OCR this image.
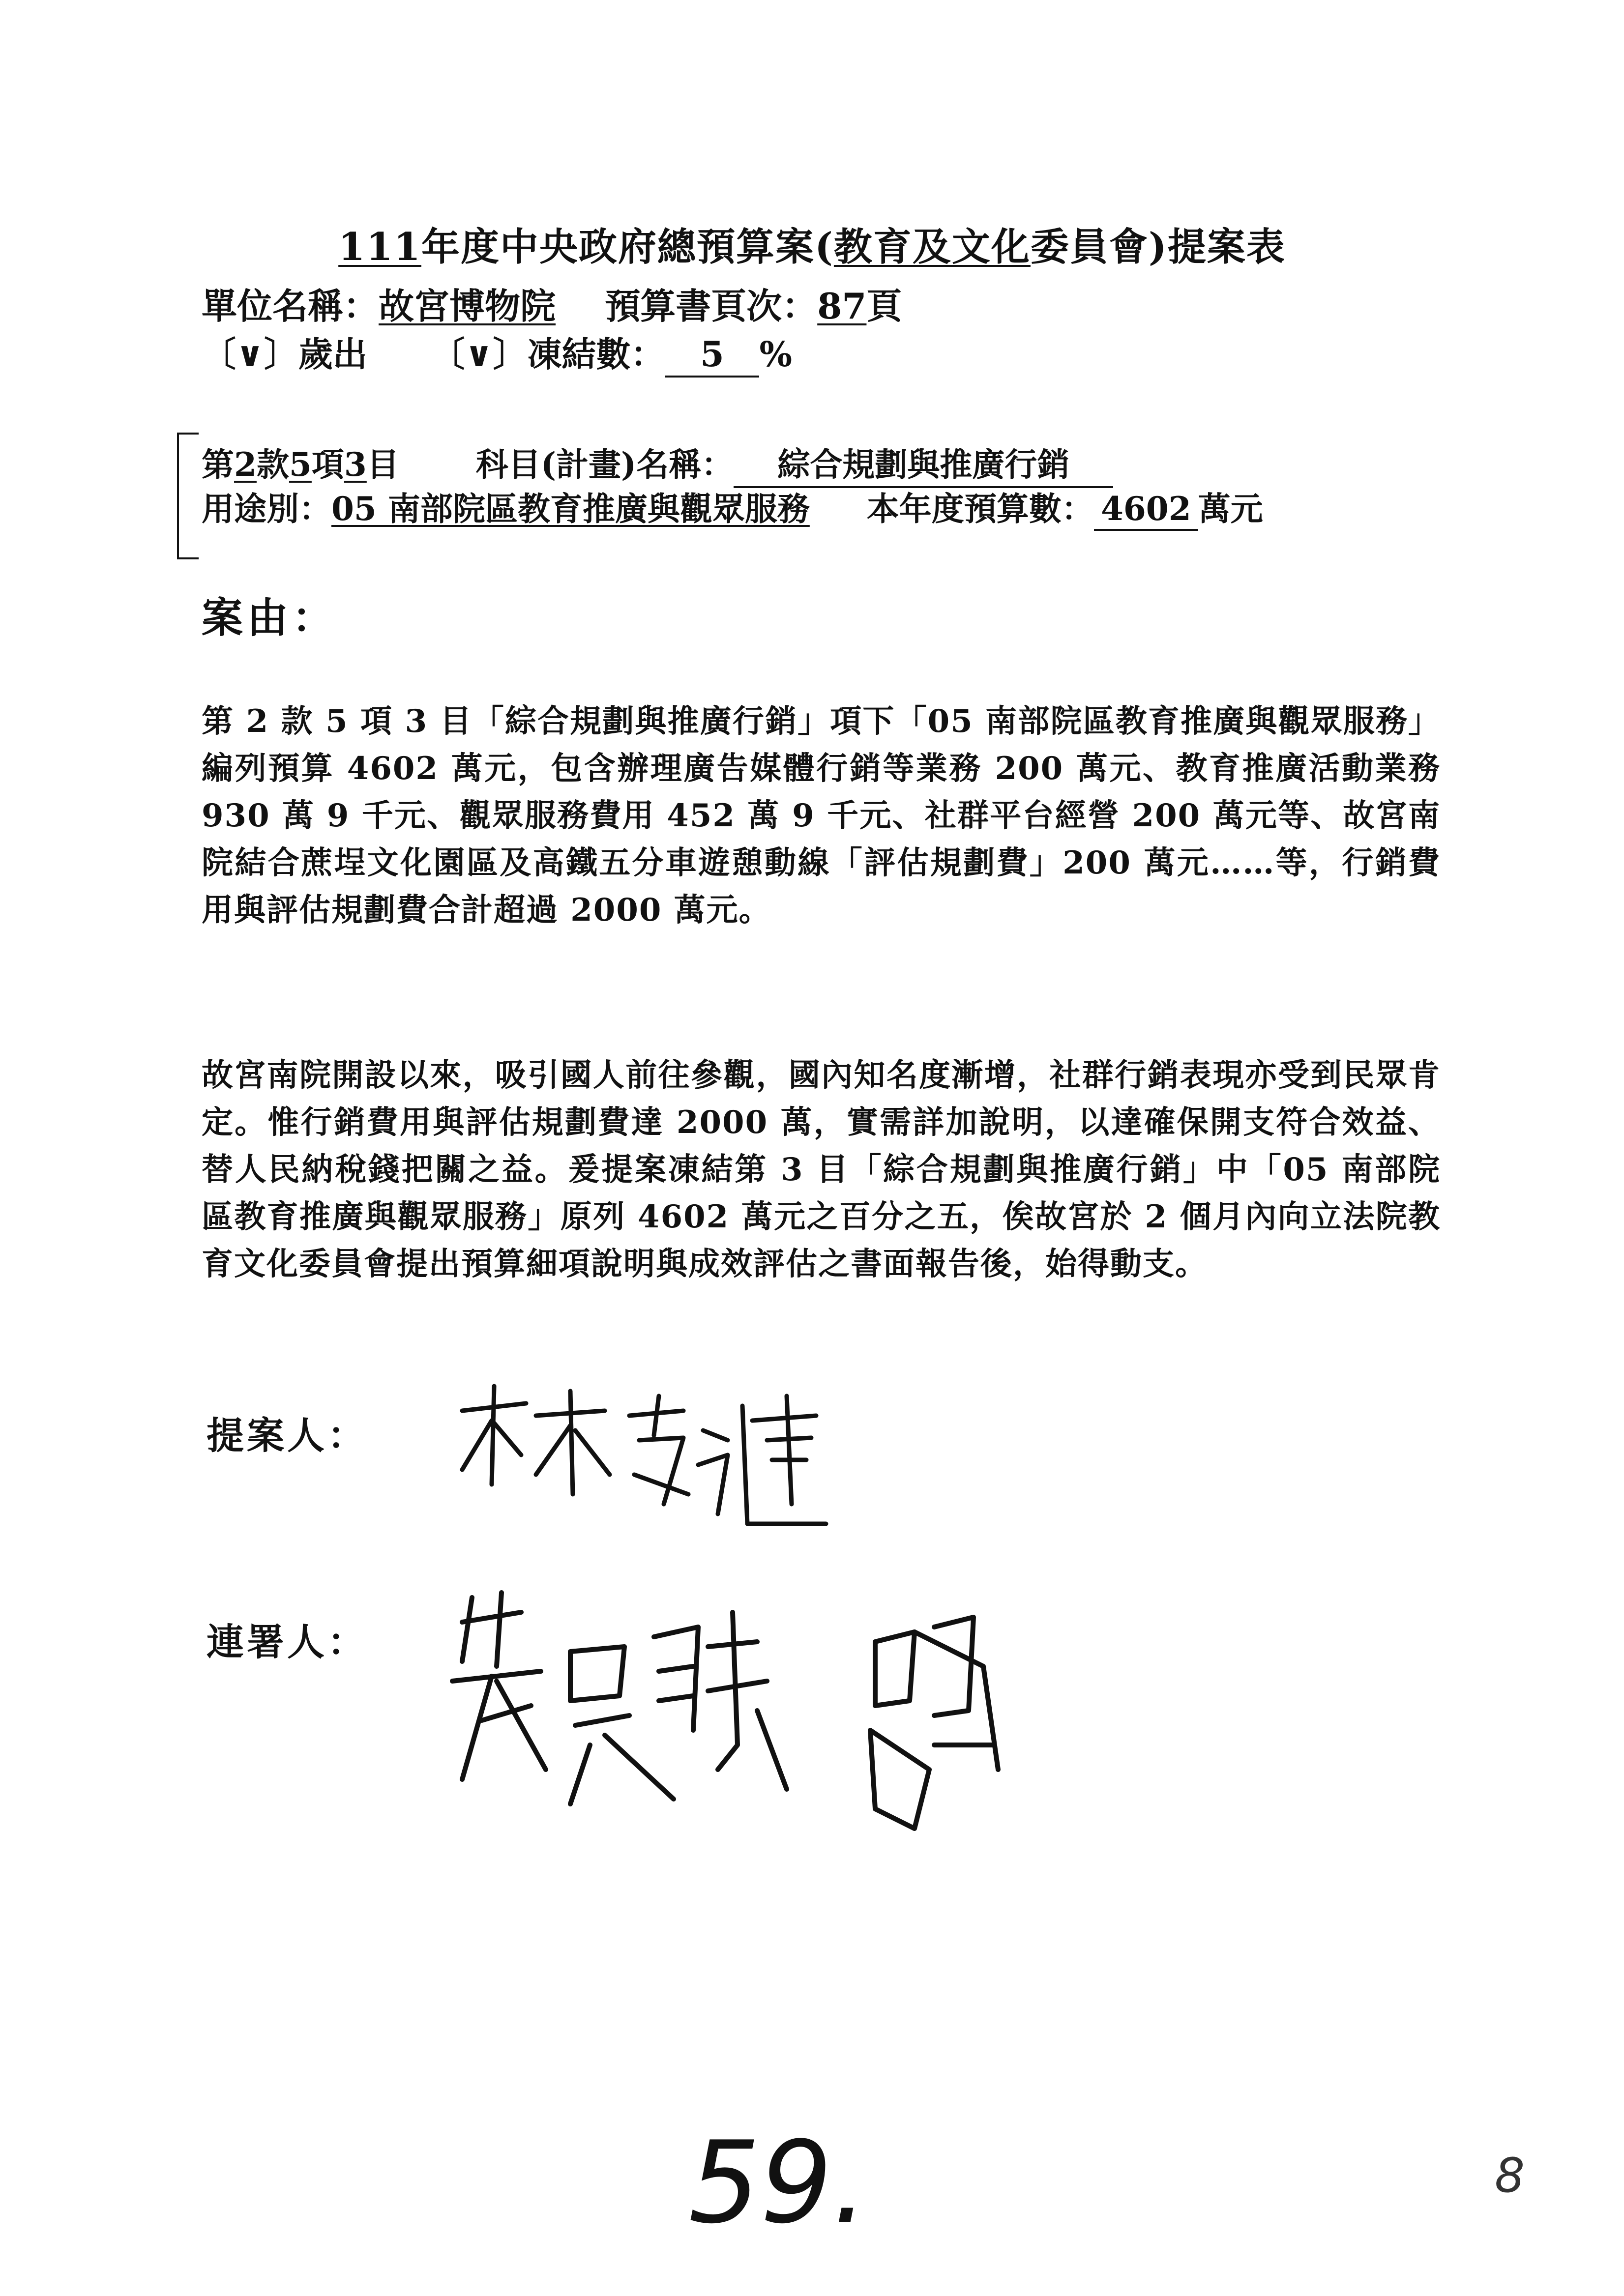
111年度中央政府總預算案(教育及文化委員會)提案表
單位名稱：故宮博物院 預算書頁次：87頁
〔∨〕歲出 〔∨〕凍結數： 5 %
第2款5項3目 科目(計畫)名稱： 綜合規劃與推廣行銷
用途別：05 南部院區教育推廣與觀眾服務 本年度預算數： 4602 萬元
案由：
第 2 款 5 項 3 目「綜合規劃與推廣行銷」項下「05 南部院區教育推廣與觀眾服務」編列預算 4602 萬元，包含辦理廣告媒體行銷等業務 200 萬元、教育推廣活動業務 930 萬 9 千元、觀眾服務費用 452 萬 9 千元、社群平台經營 200 萬元等、故宮南院結合蔗埕文化園區及高鐵五分車遊憩動線「評估規劃費」200 萬元……等，行銷費用與評估規劃費合計超過 2000 萬元。
故宮南院開設以來，吸引國人前往參觀，國內知名度漸增，社群行銷表現亦受到民眾肯定。惟行銷費用與評估規劃費達 2000 萬，實需詳加說明，以達確保開支符合效益、替人民納稅錢把關之益。爰提案凍結第 3 目「綜合規劃與推廣行銷」中「05 南部院區教育推廣與觀眾服務」原列 4602 萬元之百分之五，俟故宮於 2 個月內向立法院教育文化委員會提出預算細項說明與成效評估之書面報告後，始得動支。
提案人：
連署人：
59.	8
